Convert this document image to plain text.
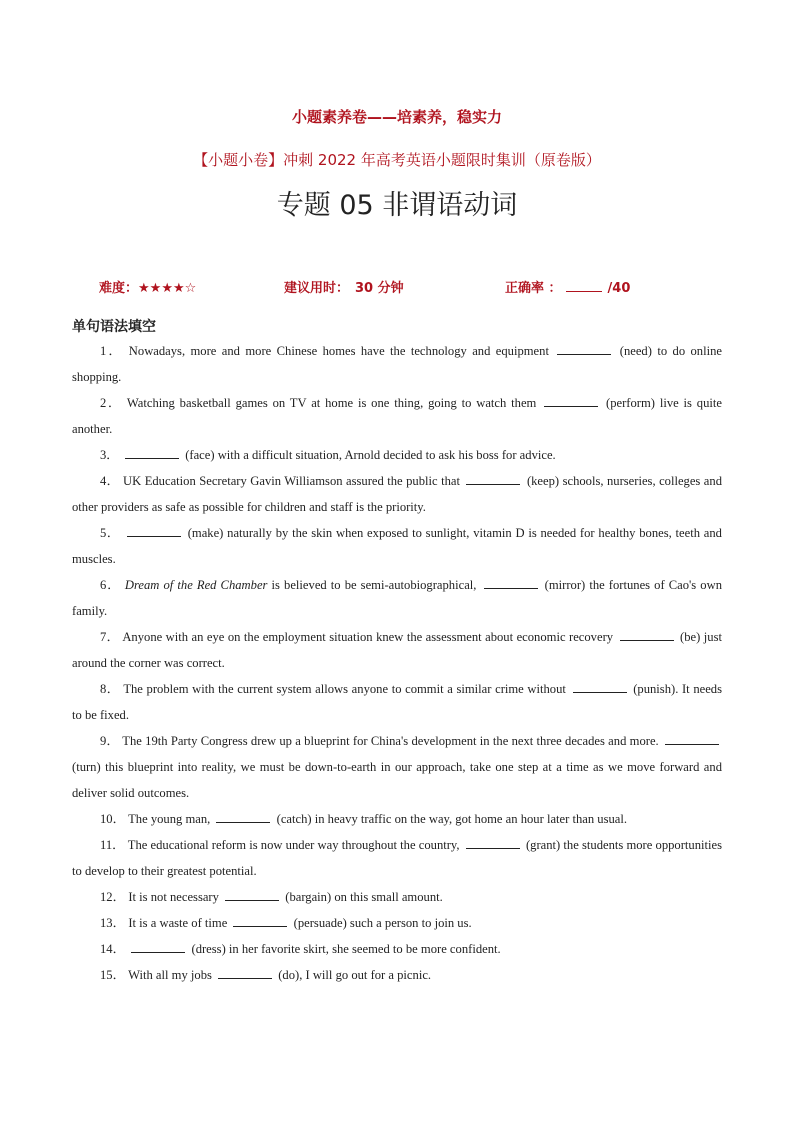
小题素养卷——培素养，稳实力
【小题小卷】冲刺 2022 年高考英语小题限时集训（原卷版）
专题 05 非谓语动词
难度：★★★★☆	建议用时： 30 分钟	正确率 ：	/40
单句语法填空

1． Nowadays, more and more Chinese homes have the technology and equipment	(need) to do online shopping.

2． Watching basketball games on TV at home is one thing, going to watch them	(perform) live is quite another.

3．	(face) with a difficult situation, Arnold decided to ask his boss for advice.

4． UK Education Secretary Gavin Williamson assured the public that	(keep) schools, nurseries, colleges and other providers as safe as possible for children and staff is the priority.

5．	(make) naturally by the skin when exposed to sunlight, vitamin D is needed for healthy bones, teeth and muscles.

6． Dream of the Red Chamber is believed to be semi-autobiographical,	(mirror) the fortunes of Cao's own family.

7． Anyone with an eye on the employment situation knew the assessment about economic recovery	(be) just around the corner was correct.

8． The problem with the current system allows anyone to commit a similar crime without	(punish). It needs to be fixed.

9． The 19th Party Congress drew up a blueprint for China's development in the next three decades and more.  (turn) this blueprint into reality, we must be down-to-earth in our approach, take one step at a time as we move forward and deliver solid outcomes.

10． The young man,	(catch) in heavy traffic on the way, got home an hour later than usual.

11． The educational reform is now under way throughout the country,	(grant) the students more opportunities to develop to their greatest potential.

12． It is not necessary	(bargain) on this small amount.

13． It is a waste of time	(persuade) such a person to join us.

14．	(dress) in her favorite skirt, she seemed to be more confident.

15． With all my jobs	(do), I will go out for a picnic.
